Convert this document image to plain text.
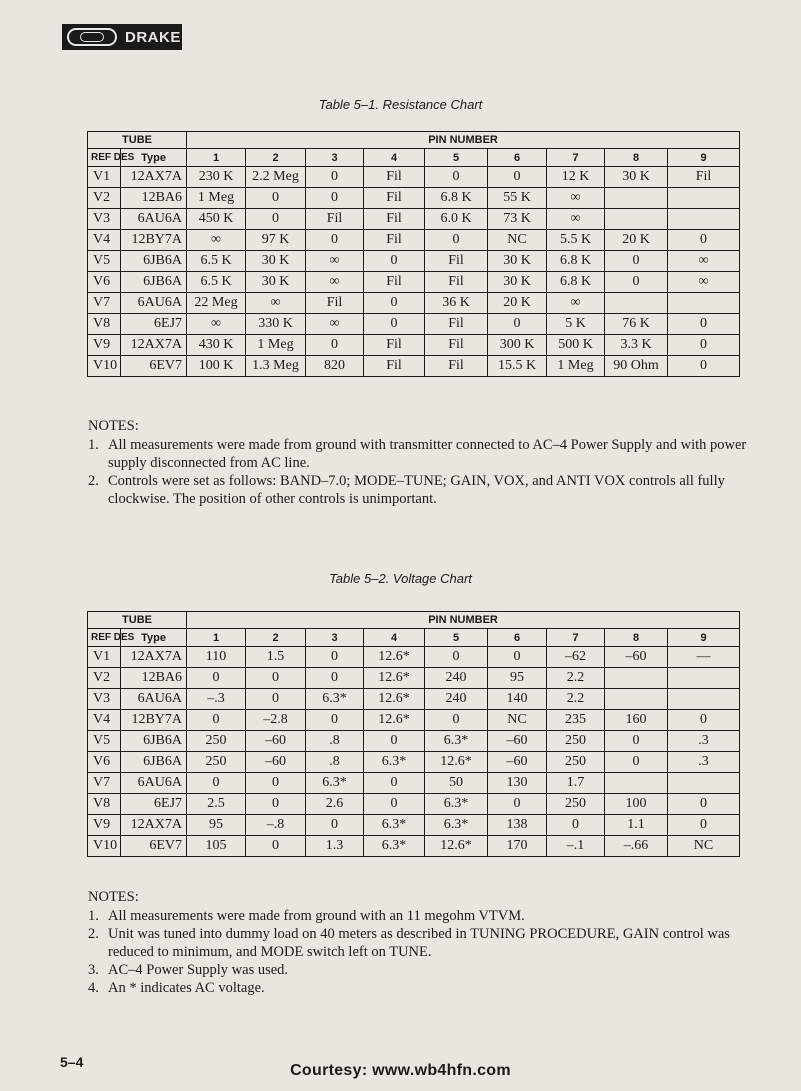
DRAKE
Table 5–1. Resistance Chart
TUBE		PIN NUMBER								
REF DES	Type	1	2	3	4	5	6	7	8	9
V1	12AX7A	230 K	2.2 Meg	0	Fil	0	0	12 K	30 K	Fil
V2	12BA6	1 Meg	0	0	Fil	6.8 K	55 K	∞		
V3	6AU6A	450 K	0	Fil	Fil	6.0 K	73 K	∞		
V4	12BY7A	∞	97 K	0	Fil	0	NC	5.5 K	20 K	0
V5	6JB6A	6.5 K	30 K	∞	0	Fil	30 K	6.8 K	0	∞
V6	6JB6A	6.5 K	30 K	∞	Fil	Fil	30 K	6.8 K	0	∞
V7	6AU6A	22 Meg	∞	Fil	0	36 K	20 K	∞		
V8	6EJ7	∞	330 K	∞	0	Fil	0	5 K	76 K	0
V9	12AX7A	430 K	1 Meg	0	Fil	Fil	300 K	500 K	3.3 K	0
V10	6EV7	100 K	1.3 Meg	820	Fil	Fil	15.5 K	1 Meg	90 Ohm	0
NOTES:
1. All measurements were made from ground with transmitter connected to AC–4 Power Supply and with power supply disconnected from AC line.
2. Controls were set as follows: BAND–7.0; MODE–TUNE; GAIN, VOX, and ANTI VOX controls all fully clockwise. The position of other controls is unimportant.
Table 5–2. Voltage Chart
TUBE		PIN NUMBER								
REF DES	Type	1	2	3	4	5	6	7	8	9
V1	12AX7A	110	1.5	0	12.6*	0	0	–62	–60	—
V2	12BA6	0	0	0	12.6*	240	95	2.2		
V3	6AU6A	–.3	0	6.3*	12.6*	240	140	2.2		
V4	12BY7A	0	–2.8	0	12.6*	0	NC	235	160	0
V5	6JB6A	250	–60	.8	0	6.3*	–60	250	0	.3
V6	6JB6A	250	–60	.8	6.3*	12.6*	–60	250	0	.3
V7	6AU6A	0	0	6.3*	0	50	130	1.7		
V8	6EJ7	2.5	0	2.6	0	6.3*	0	250	100	0
V9	12AX7A	95	–.8	0	6.3*	6.3*	138	0	1.1	0
V10	6EV7	105	0	1.3	6.3*	12.6*	170	–.1	–.66	NC
NOTES:
1. All measurements were made from ground with an 11 megohm VTVM.
2. Unit was tuned into dummy load on 40 meters as described in TUNING PROCEDURE, GAIN control was reduced to minimum, and MODE switch left on TUNE.
3. AC–4 Power Supply was used.
4. An * indicates AC voltage.
5–4	Courtesy: www.wb4hfn.com
